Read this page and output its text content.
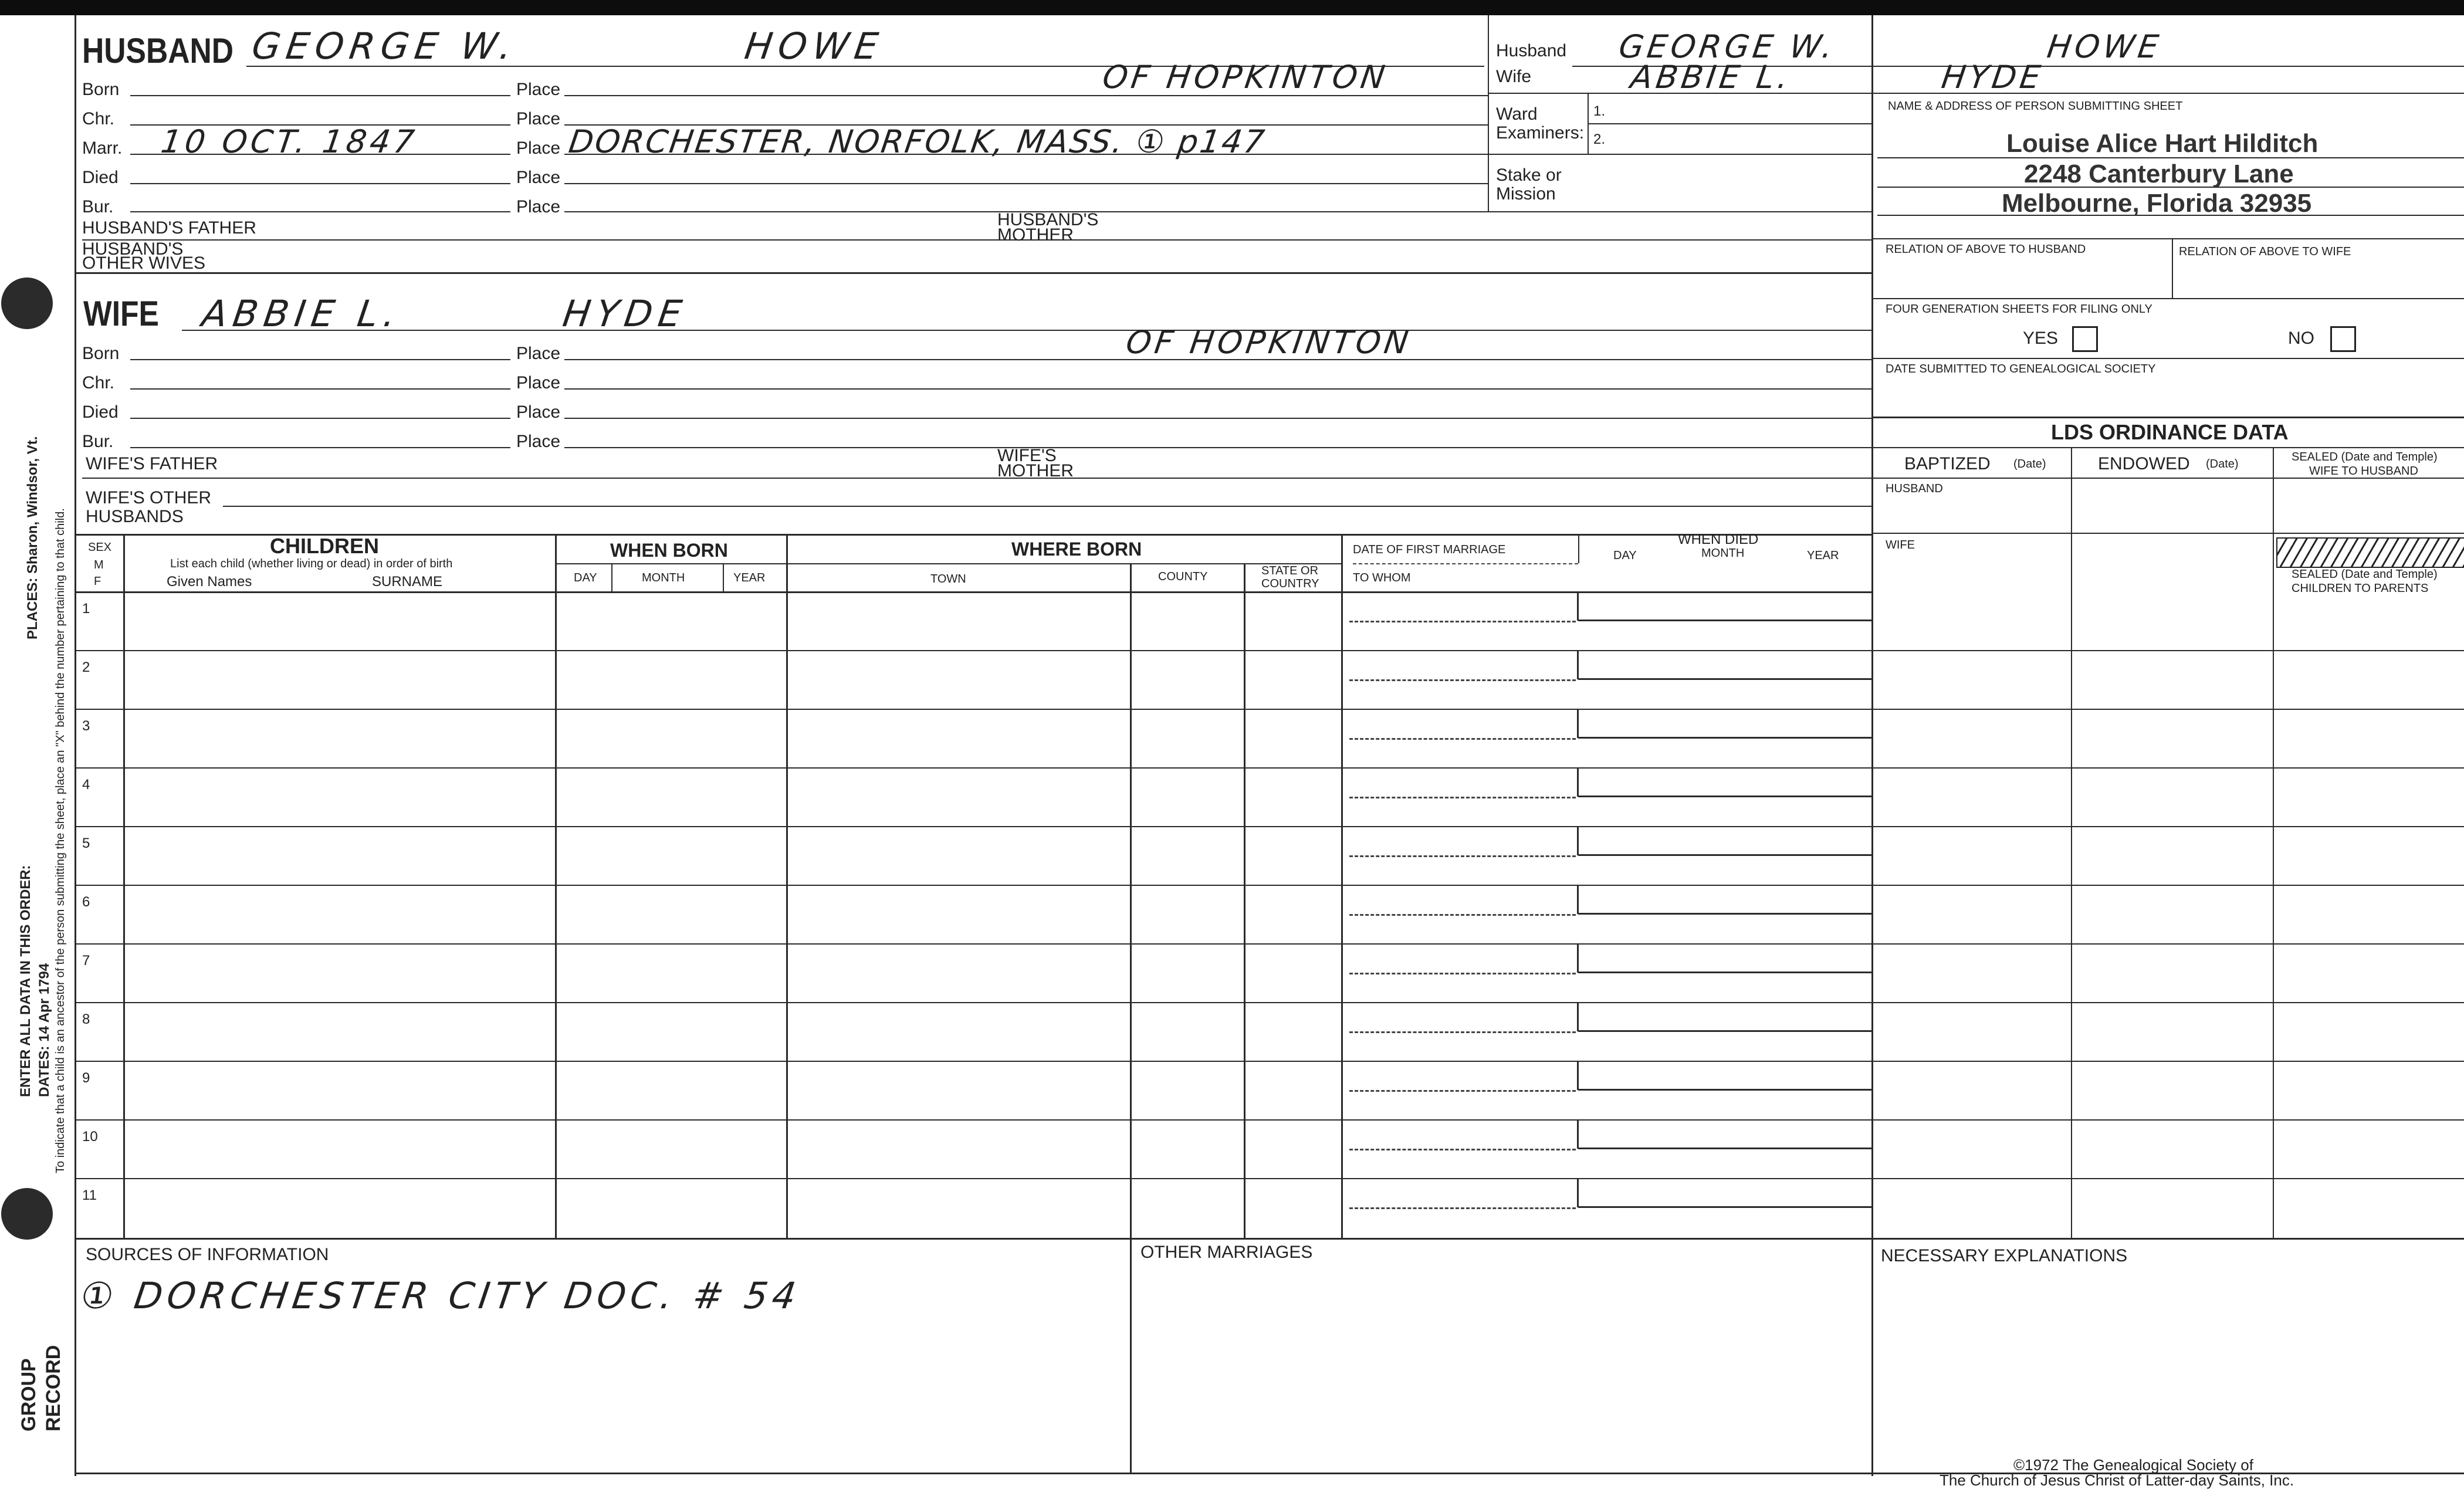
PLACES: Sharon, Windsor, Vt.
DATES: 14 Apr 1794
ENTER ALL DATA IN THIS ORDER: To indicate that a child is an ancestor of the person submitting the sheet, place an "X" behind the number pertaining to that child.
GROUP RECORD
HUSBAND GEORGE W.	HOWE
OF HOPKINTON
Born	Place
Chr.	Place
Marr. 10 OCT. 1847	Place DORCHESTER, NORFOLK, MASS. ① p147
Died	Place
Bur.	Place
HUSBAND'S FATHER	HUSBAND'S
MOTHER
HUSBAND'S
OTHER WIVES
WIFE ABBIE L.	HYDE
OF HOPKINTON
Born	Place
Chr.	Place
Died	Place
Bur.	Place
WIFE'S FATHER	WIFE'S
MOTHER
WIFE'S OTHER
HUSBANDS
SEX
M
F
CHILDREN
List each child (whether living or dead) in order of birth
Given Names	SURNAME
WHEN BORN
DAY	MONTH	YEAR
WHERE BORN
TOWN	COUNTY	STATE OR
COUNTRY
DATE OF FIRST MARRIAGE
TO WHOM
WHEN DIED
DAY	MONTH	YEAR
1
2
3
4
5
6
7
8
9
10
11
Husband GEORGE W.	HOWE
Wife	ABBIE L.	HYDE
Ward
Examiners:
1.
2.
Stake or
Mission
NAME & ADDRESS OF PERSON SUBMITTING SHEET
Louise Alice Hart Hilditch
2248 Canterbury Lane
Melbourne, Florida 32935
RELATION OF ABOVE TO HUSBAND	RELATION OF ABOVE TO WIFE
FOUR GENERATION SHEETS FOR FILING ONLY
YES	NO
DATE SUBMITTED TO GENEALOGICAL SOCIETY
LDS ORDINANCE DATA
BAPTIZED (Date)	ENDOWED (Date)
SEALED (Date and Temple)
WIFE TO HUSBAND
HUSBAND
WIFE
SEALED (Date and Temple)
CHILDREN TO PARENTS
SOURCES OF INFORMATION
① DORCHESTER CITY DOC. # 54
OTHER MARRIAGES	NECESSARY EXPLANATIONS
©1972 The Genealogical Society of
The Church of Jesus Christ of Latter-day Saints, Inc.
